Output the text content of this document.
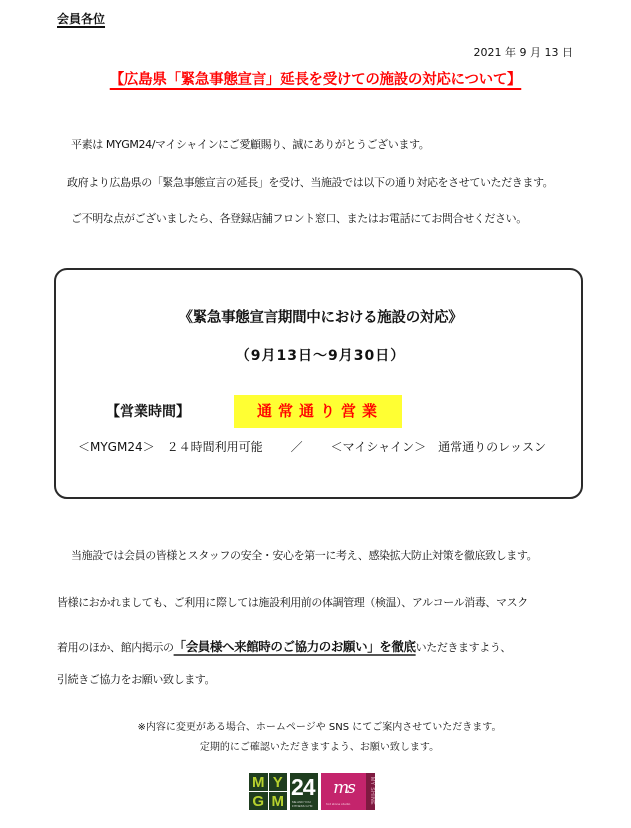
会員各位
2021 年 9 月 13 日
【広島県「緊急事態宣言」延長を受けての施設の対応について】
平素は MYGM24/マイシャインにご愛顧賜り、誠にありがとうございます。
政府より広島県の「緊急事態宣言の延長」を受け、当施設では以下の通り対応をさせていただきます。
ご不明な点がございましたら、各登録店舗フロント窓口、またはお電話にてお問合せください。
《緊急事態宣言期間中における施設の対応》
（9月13日～9月30日）
【営業時間】	通常通り営業
＜MYGM24＞　２４時間利用可能 ／ ＜マイシャイン＞　通常通りのレッスン
当施設では会員の皆様とスタッフの安全・安心を第一に考え、感染拡大防止対策を徹底致します。
皆様におかれましても、ご利用に際しては施設利用前の体調管理（検温）、アルコール消毒、マスク
着用のほか、館内掲示の「会員様へ来館時のご協力のお願い」を徹底いただきますよう、
引続きご協力をお願い致します。
※内容に変更がある場合、ホームページや SNS にてご案内させていただきます。
定期的にご確認いただきますよう、お願い致します。
M Y
G M
24
ME AND YOU FITNESS GYM
ms
hot stone studio	MY SHINE
